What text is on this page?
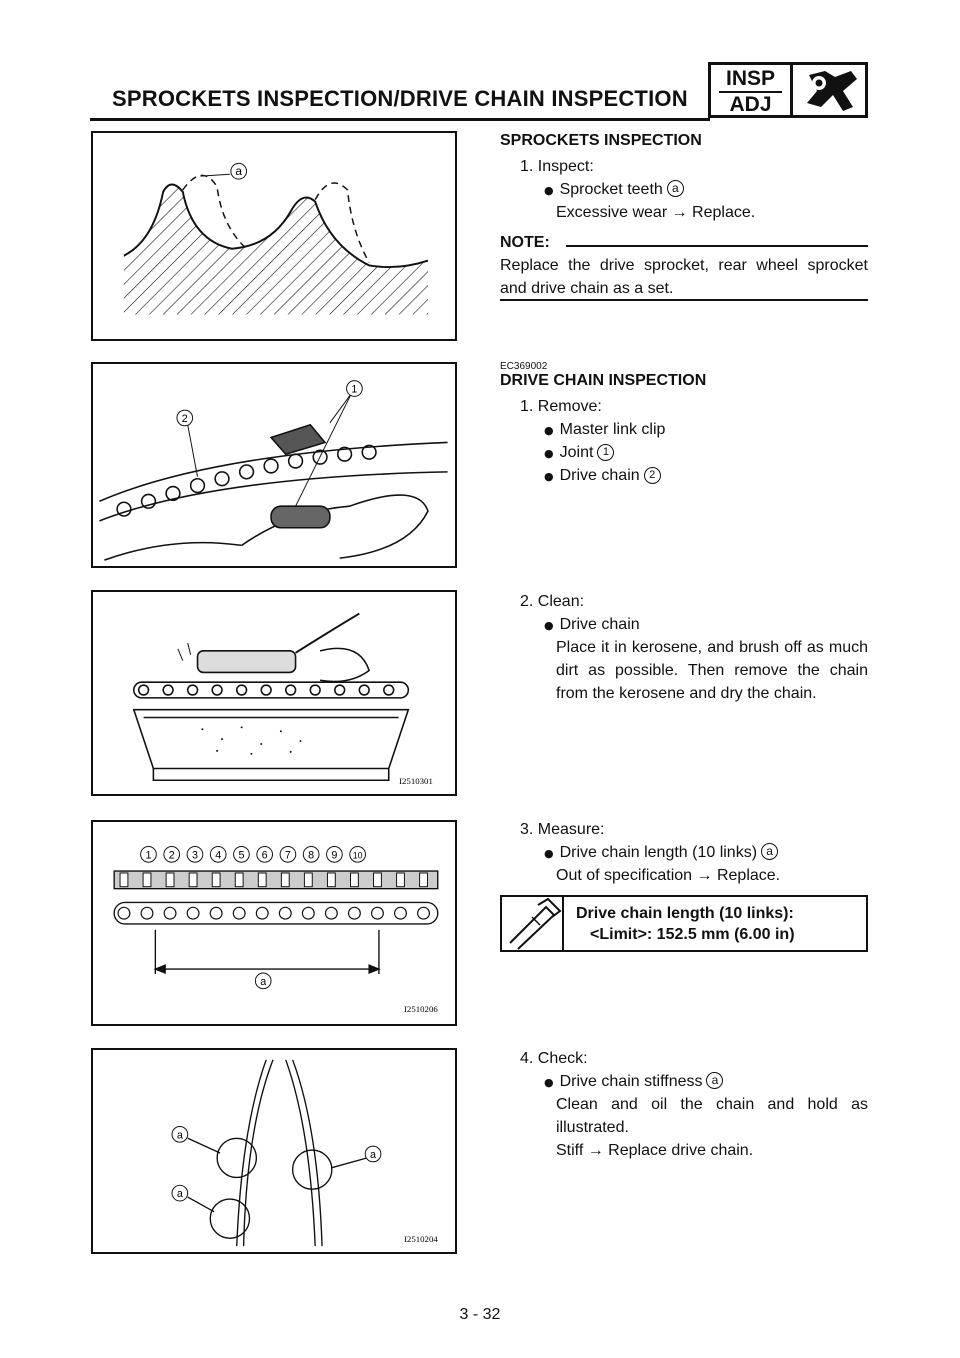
SPROCKETS INSPECTION/DRIVE CHAIN INSPECTION
INSP
ADJ
a
SPROCKETS INSPECTION
1. Inspect:
● Sprocket teeth a
Excessive wear → Replace.
NOTE:
Replace the drive sprocket, rear wheel sprocket and drive chain as a set.
1
2
EC369002
DRIVE CHAIN INSPECTION
1. Remove:
● Master link clip
● Joint 1
● Drive chain 2
I2510301
2. Clean:
● Drive chain
Place it in kerosene, and brush off as much dirt as possible. Then remove the chain from the kerosene and dry the chain.
1 2 3 4 5 6 7 8 9 10
a
I2510206
3. Measure:
● Drive chain length (10 links) a
Out of specification → Replace.
Drive chain length (10 links):
<Limit>: 152.5 mm (6.00 in)
a
a
a
I2510204
4. Check:
● Drive chain stiffness a
Clean and oil the chain and hold as illustrated.
Stiff → Replace drive chain.
3 - 32
